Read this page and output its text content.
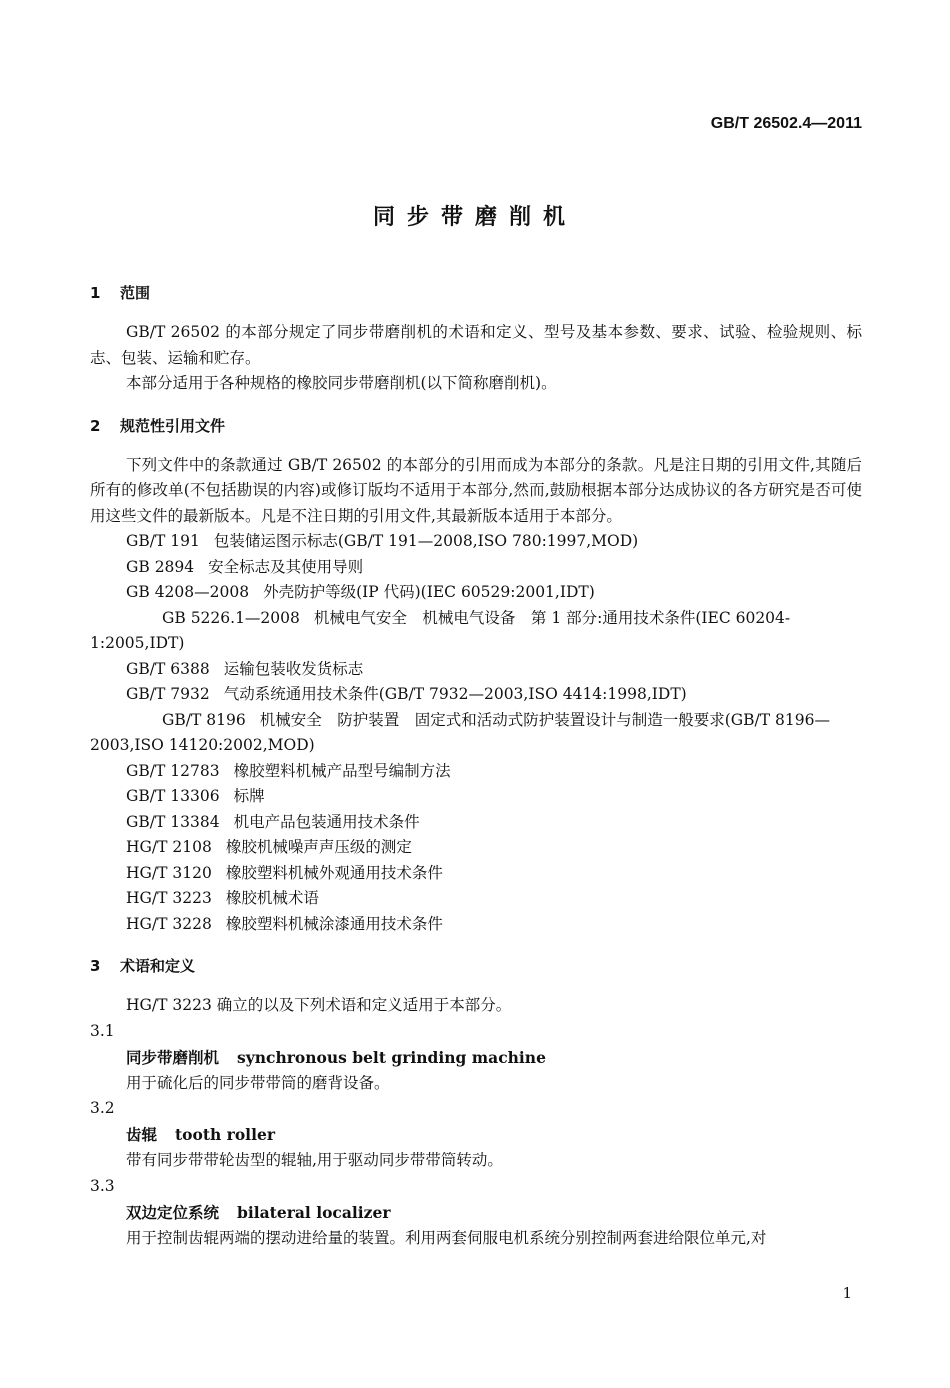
GB/T 26502.4—2011
同步带磨削机
1 范围
GB/T 26502 的本部分规定了同步带磨削机的术语和定义、型号及基本参数、要求、试验、检验规则、标志、包装、运输和贮存。
本部分适用于各种规格的橡胶同步带磨削机(以下简称磨削机)。
2 规范性引用文件
下列文件中的条款通过 GB/T 26502 的本部分的引用而成为本部分的条款。凡是注日期的引用文件,其随后所有的修改单(不包括勘误的内容)或修订版均不适用于本部分,然而,鼓励根据本部分达成协议的各方研究是否可使用这些文件的最新版本。凡是不注日期的引用文件,其最新版本适用于本部分。
GB/T 191 包装储运图示标志(GB/T 191—2008,ISO 780:1997,MOD)
GB 2894 安全标志及其使用导则
GB 4208—2008 外壳防护等级(IP 代码)(IEC 60529:2001,IDT)
GB 5226.1—2008 机械电气安全　机械电气设备　第 1 部分:通用技术条件(IEC 60204-1:2005,IDT)
GB/T 6388 运输包装收发货标志
GB/T 7932 气动系统通用技术条件(GB/T 7932—2003,ISO 4414:1998,IDT)
GB/T 8196 机械安全　防护装置　固定式和活动式防护装置设计与制造一般要求(GB/T 8196—2003,ISO 14120:2002,MOD)
GB/T 12783 橡胶塑料机械产品型号编制方法
GB/T 13306 标牌
GB/T 13384 机电产品包装通用技术条件
HG/T 2108 橡胶机械噪声声压级的测定
HG/T 3120 橡胶塑料机械外观通用技术条件
HG/T 3223 橡胶机械术语
HG/T 3228 橡胶塑料机械涂漆通用技术条件
3 术语和定义
HG/T 3223 确立的以及下列术语和定义适用于本部分。
3.1
同步带磨削机 synchronous belt grinding machine
用于硫化后的同步带带筒的磨背设备。
3.2
齿辊 tooth roller
带有同步带带轮齿型的辊轴,用于驱动同步带带筒转动。
3.3
双边定位系统 bilateral localizer
用于控制齿辊两端的摆动进给量的装置。利用两套伺服电机系统分别控制两套进给限位单元,对
1
